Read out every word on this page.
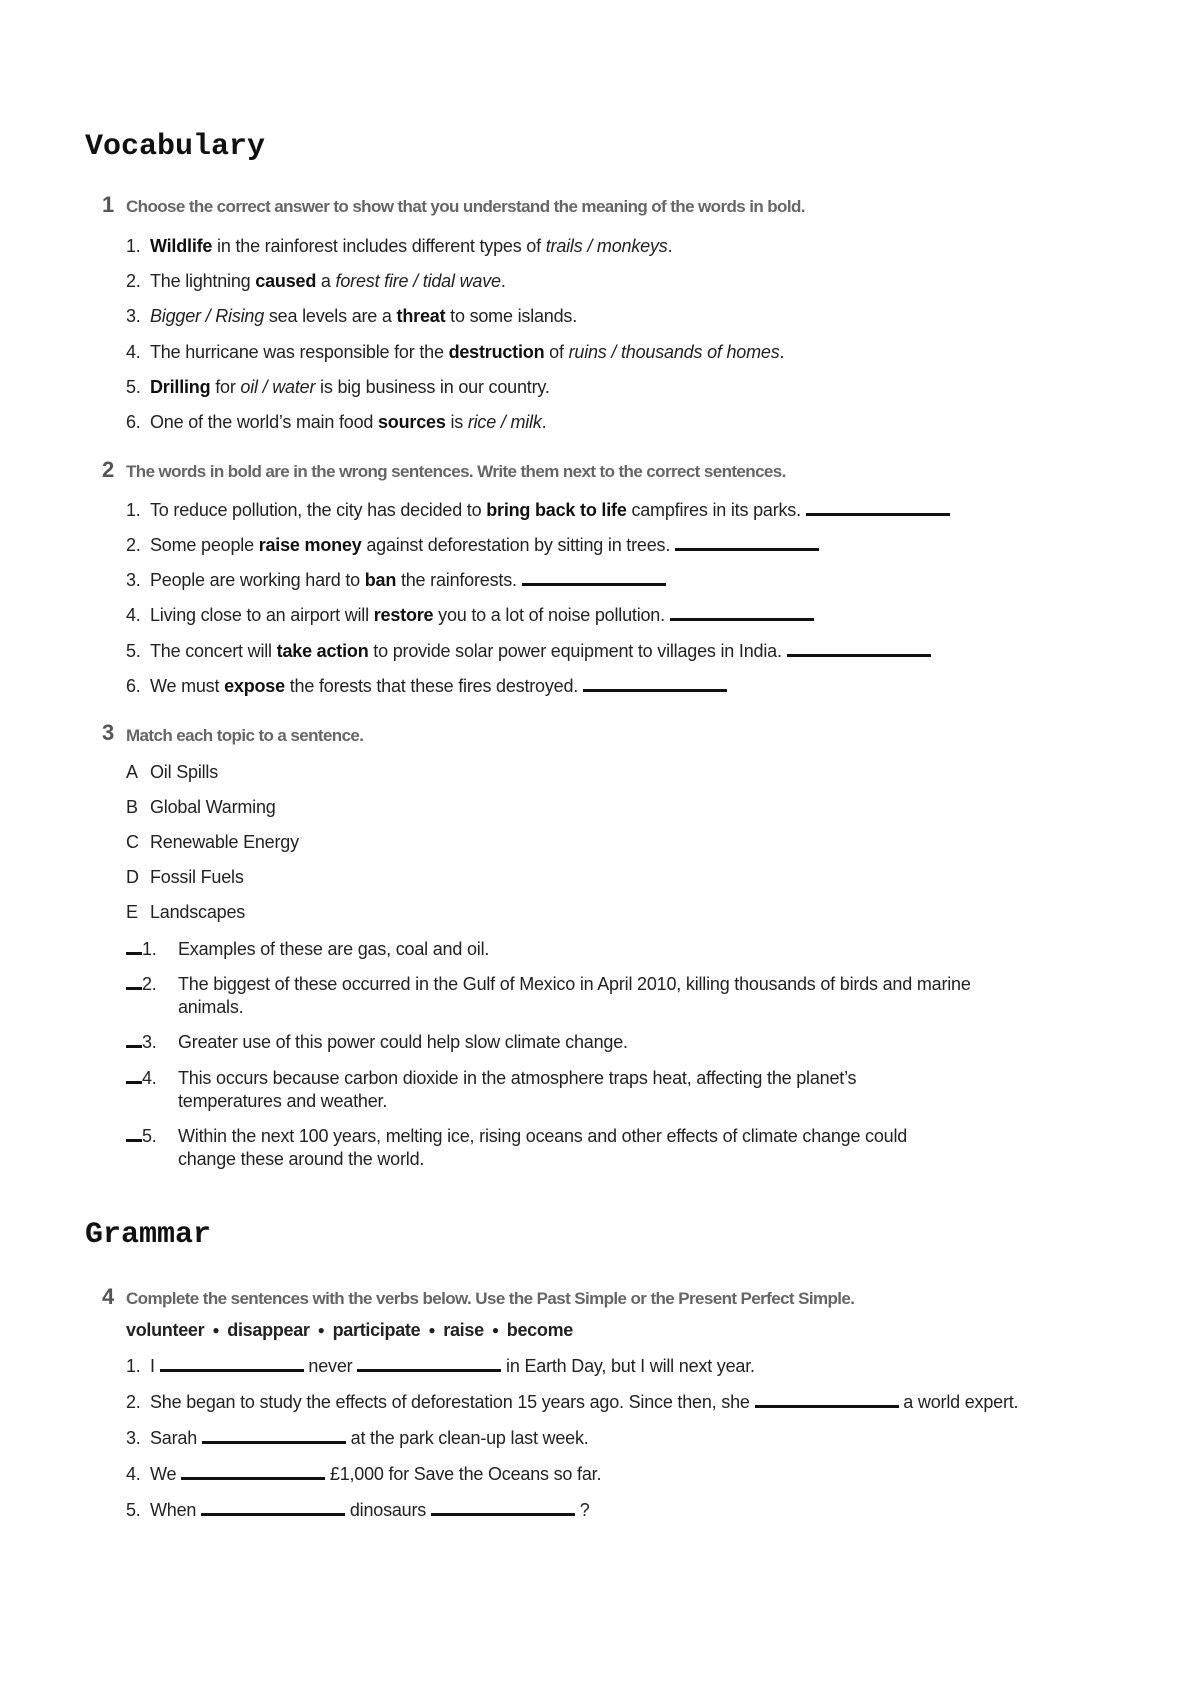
Vocabulary
1 Choose the correct answer to show that you understand the meaning of the words in bold.
1. Wildlife in the rainforest includes different types of trails / monkeys.
2. The lightning caused a forest fire / tidal wave.
3. Bigger / Rising sea levels are a threat to some islands.
4. The hurricane was responsible for the destruction of ruins / thousands of homes.
5. Drilling for oil / water is big business in our country.
6. One of the world’s main food sources is rice / milk.
2 The words in bold are in the wrong sentences. Write them next to the correct sentences.
1. To reduce pollution, the city has decided to bring back to life campfires in its parks.
2. Some people raise money against deforestation by sitting in trees.
3. People are working hard to ban the rainforests.
4. Living close to an airport will restore you to a lot of noise pollution.
5. The concert will take action to provide solar power equipment to villages in India.
6. We must expose the forests that these fires destroyed.
3 Match each topic to a sentence.
A Oil Spills
B Global Warming
C Renewable Energy
D Fossil Fuels
E Landscapes
1. Examples of these are gas, coal and oil.
2. The biggest of these occurred in the Gulf of Mexico in April 2010, killing thousands of birds and marine animals.
3. Greater use of this power could help slow climate change.
4. This occurs because carbon dioxide in the atmosphere traps heat, affecting the planet’s temperatures and weather.
5. Within the next 100 years, melting ice, rising oceans and other effects of climate change could change these around the world.
Grammar
4 Complete the sentences with the verbs below. Use the Past Simple or the Present Perfect Simple.
volunteer ● disappear ● participate ● raise ● become
1. I	never	in Earth Day, but I will next year.
2. She began to study the effects of deforestation 15 years ago. Since then, she	a world expert.
3. Sarah	at the park clean-up last week.
4. We	£1,000 for Save the Oceans so far.
5. When	dinosaurs	?
